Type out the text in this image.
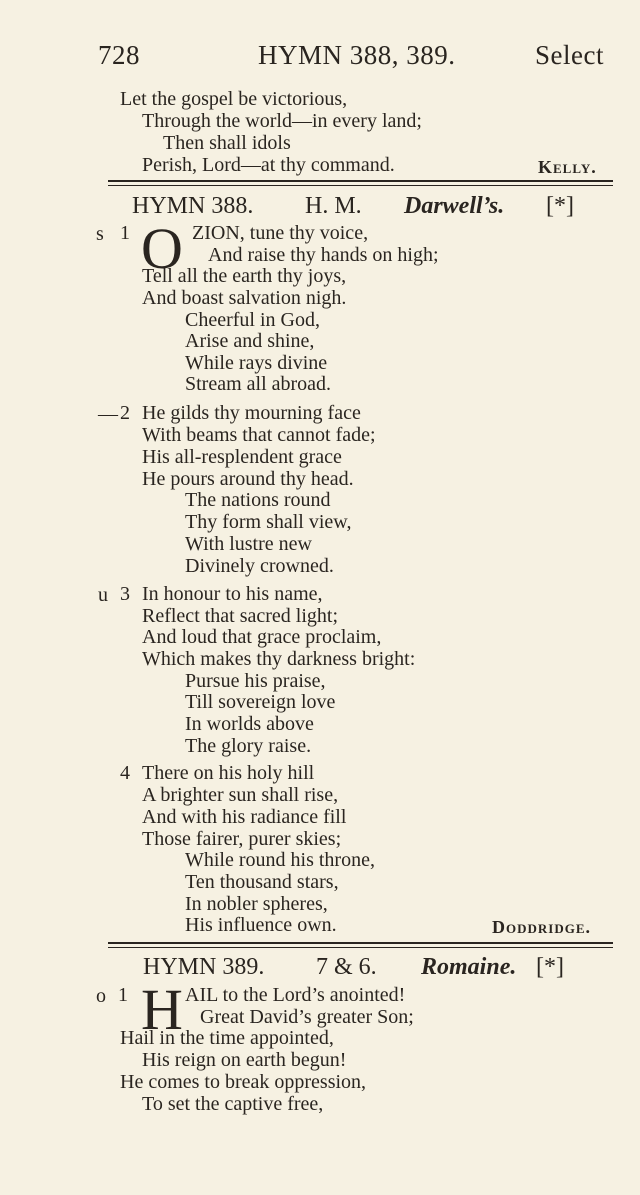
728	HYMN 388, 389.	Select
Let the gospel be victorious,
Through the world—in every land;
Then shall idols
Perish, Lord—at thy command.	Kelly.
HYMN 388. H. M. Darwell’s. [*]
s 1 O ZION, tune thy voice,
And raise thy hands on high;
Tell all the earth thy joys,
And boast salvation nigh.
Cheerful in God,
Arise and shine,
While rays divine
Stream all abroad.
— 2 He gilds thy mourning face
With beams that cannot fade;
His all-resplendent grace
He pours around thy head.
The nations round
Thy form shall view,
With lustre new
Divinely crowned.
u 3 In honour to his name,
Reflect that sacred light;
And loud that grace proclaim,
Which makes thy darkness bright:
Pursue his praise,
Till sovereign love
In worlds above
The glory raise.
4 There on his holy hill
A brighter sun shall rise,
And with his radiance fill
Those fairer, purer skies;
While round his throne,
Ten thousand stars,
In nobler spheres,
His influence own.	Doddridge.
HYMN 389. 7 & 6. Romaine. [*]
o 1 H AIL to the Lord’s anointed!
Great David’s greater Son;
Hail in the time appointed,
His reign on earth begun!
He comes to break oppression,
To set the captive free,
